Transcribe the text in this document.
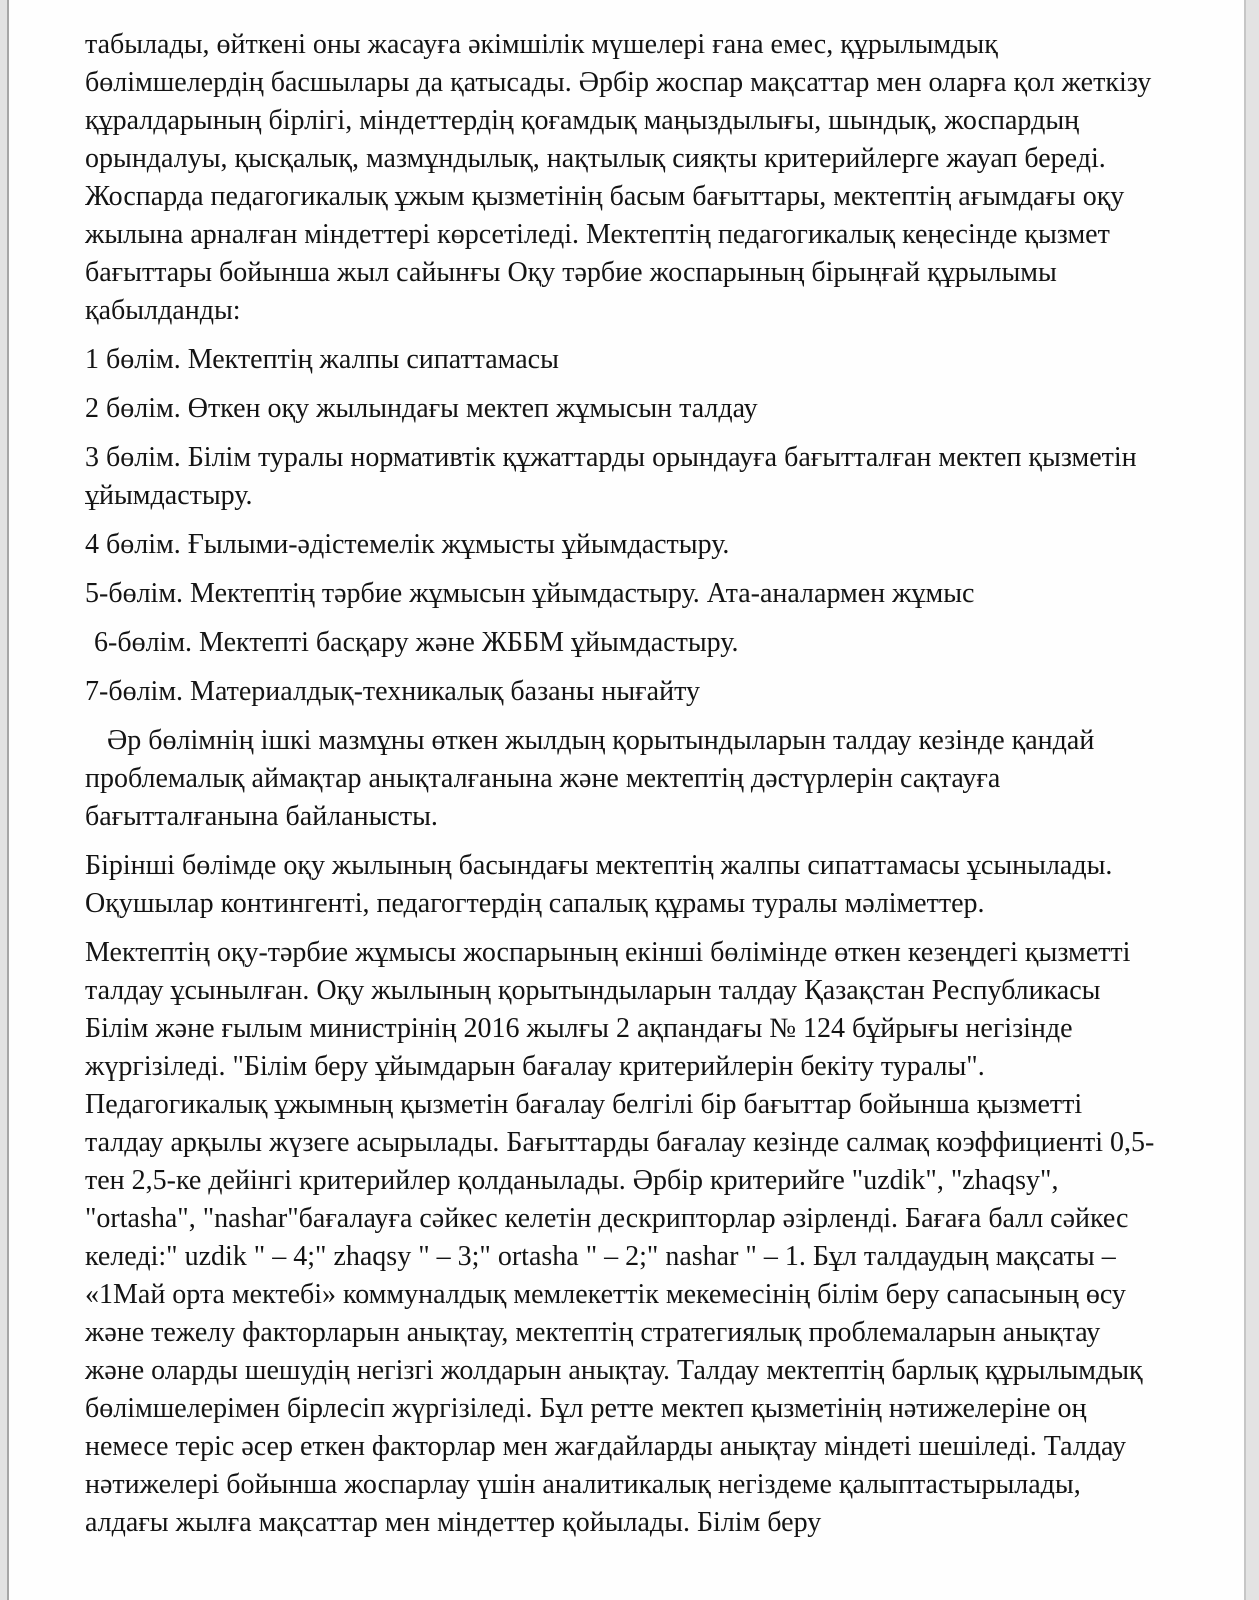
табылады, өйткені оны жасауға әкімшілік мүшелері ғана емес, құрылымдық бөлімшелердің басшылары да қатысады. Әрбір жоспар мақсаттар мен оларға қол жеткізу құралдарының бірлігі, міндеттердің қоғамдық маңыздылығы, шындық, жоспардың орындалуы, қысқалық, мазмұндылық, нақтылық сияқты критерийлерге жауап береді. Жоспарда педагогикалық ұжым қызметінің басым бағыттары, мектептің ағымдағы оқу жылына арналған міндеттері көрсетіледі. Мектептің педагогикалық кеңесінде қызмет бағыттары бойынша жыл сайынғы Оқу тәрбие жоспарының бірыңғай құрылымы қабылданды:

1 бөлім. Мектептің жалпы сипаттамасы

2 бөлім. Өткен оқу жылындағы мектеп жұмысын талдау

3 бөлім. Білім туралы нормативтік құжаттарды орындауға бағытталған мектеп қызметін ұйымдастыру.

4 бөлім. Ғылыми-әдістемелік жұмысты ұйымдастыру.

5-бөлім. Мектептің тәрбие жұмысын ұйымдастыру. Ата-аналармен жұмыс

6-бөлім. Мектепті басқару және ЖББМ ұйымдастыру.

7-бөлім. Материалдық-техникалық базаны нығайту

Әр бөлімнің ішкі мазмұны өткен жылдың қорытындыларын талдау кезінде қандай проблемалық аймақтар анықталғанына және мектептің дәстүрлерін сақтауға бағытталғанына байланысты.

Бірінші бөлімде оқу жылының басындағы мектептің жалпы сипаттамасы ұсынылады. Оқушылар контингенті, педагогтердің сапалық құрамы туралы мәліметтер.

Мектептің оқу-тәрбие жұмысы жоспарының екінші бөлімінде өткен кезеңдегі қызметті талдау ұсынылған. Оқу жылының қорытындыларын талдау Қазақстан Республикасы Білім және ғылым министрінің 2016 жылғы 2 ақпандағы № 124 бұйрығы негізінде жүргізіледі. "Білім беру ұйымдарын бағалау критерийлерін бекіту туралы". Педагогикалық ұжымның қызметін бағалау белгілі бір бағыттар бойынша қызметті талдау арқылы жүзеге асырылады. Бағыттарды бағалау кезінде салмақ коэффициенті 0,5-тен 2,5-ке дейінгі критерийлер қолданылады. Әрбір критерийге "uzdik", "zhaqsy", "ortasha", "nashar"бағалауға сәйкес келетін дескрипторлар әзірленді. Бағаға балл сәйкес келеді:" uzdik " – 4;" zhaqsy " – 3;" ortasha " – 2;" nashar " – 1. Бұл талдаудың мақсаты – «1Май орта мектебі» коммуналдық мемлекеттік мекемесінің білім беру сапасының өсу және тежелу факторларын анықтау, мектептің стратегиялық проблемаларын анықтау және оларды шешудің негізгі жолдарын анықтау. Талдау мектептің барлық құрылымдық бөлімшелерімен бірлесіп жүргізіледі. Бұл ретте мектеп қызметінің нәтижелеріне оң немесе теріс әсер еткен факторлар мен жағдайларды анықтау міндеті шешіледі. Талдау нәтижелері бойынша жоспарлау үшін аналитикалық негіздеме қалыптастырылады, алдағы жылға мақсаттар мен міндеттер қойылады. Білім беру
